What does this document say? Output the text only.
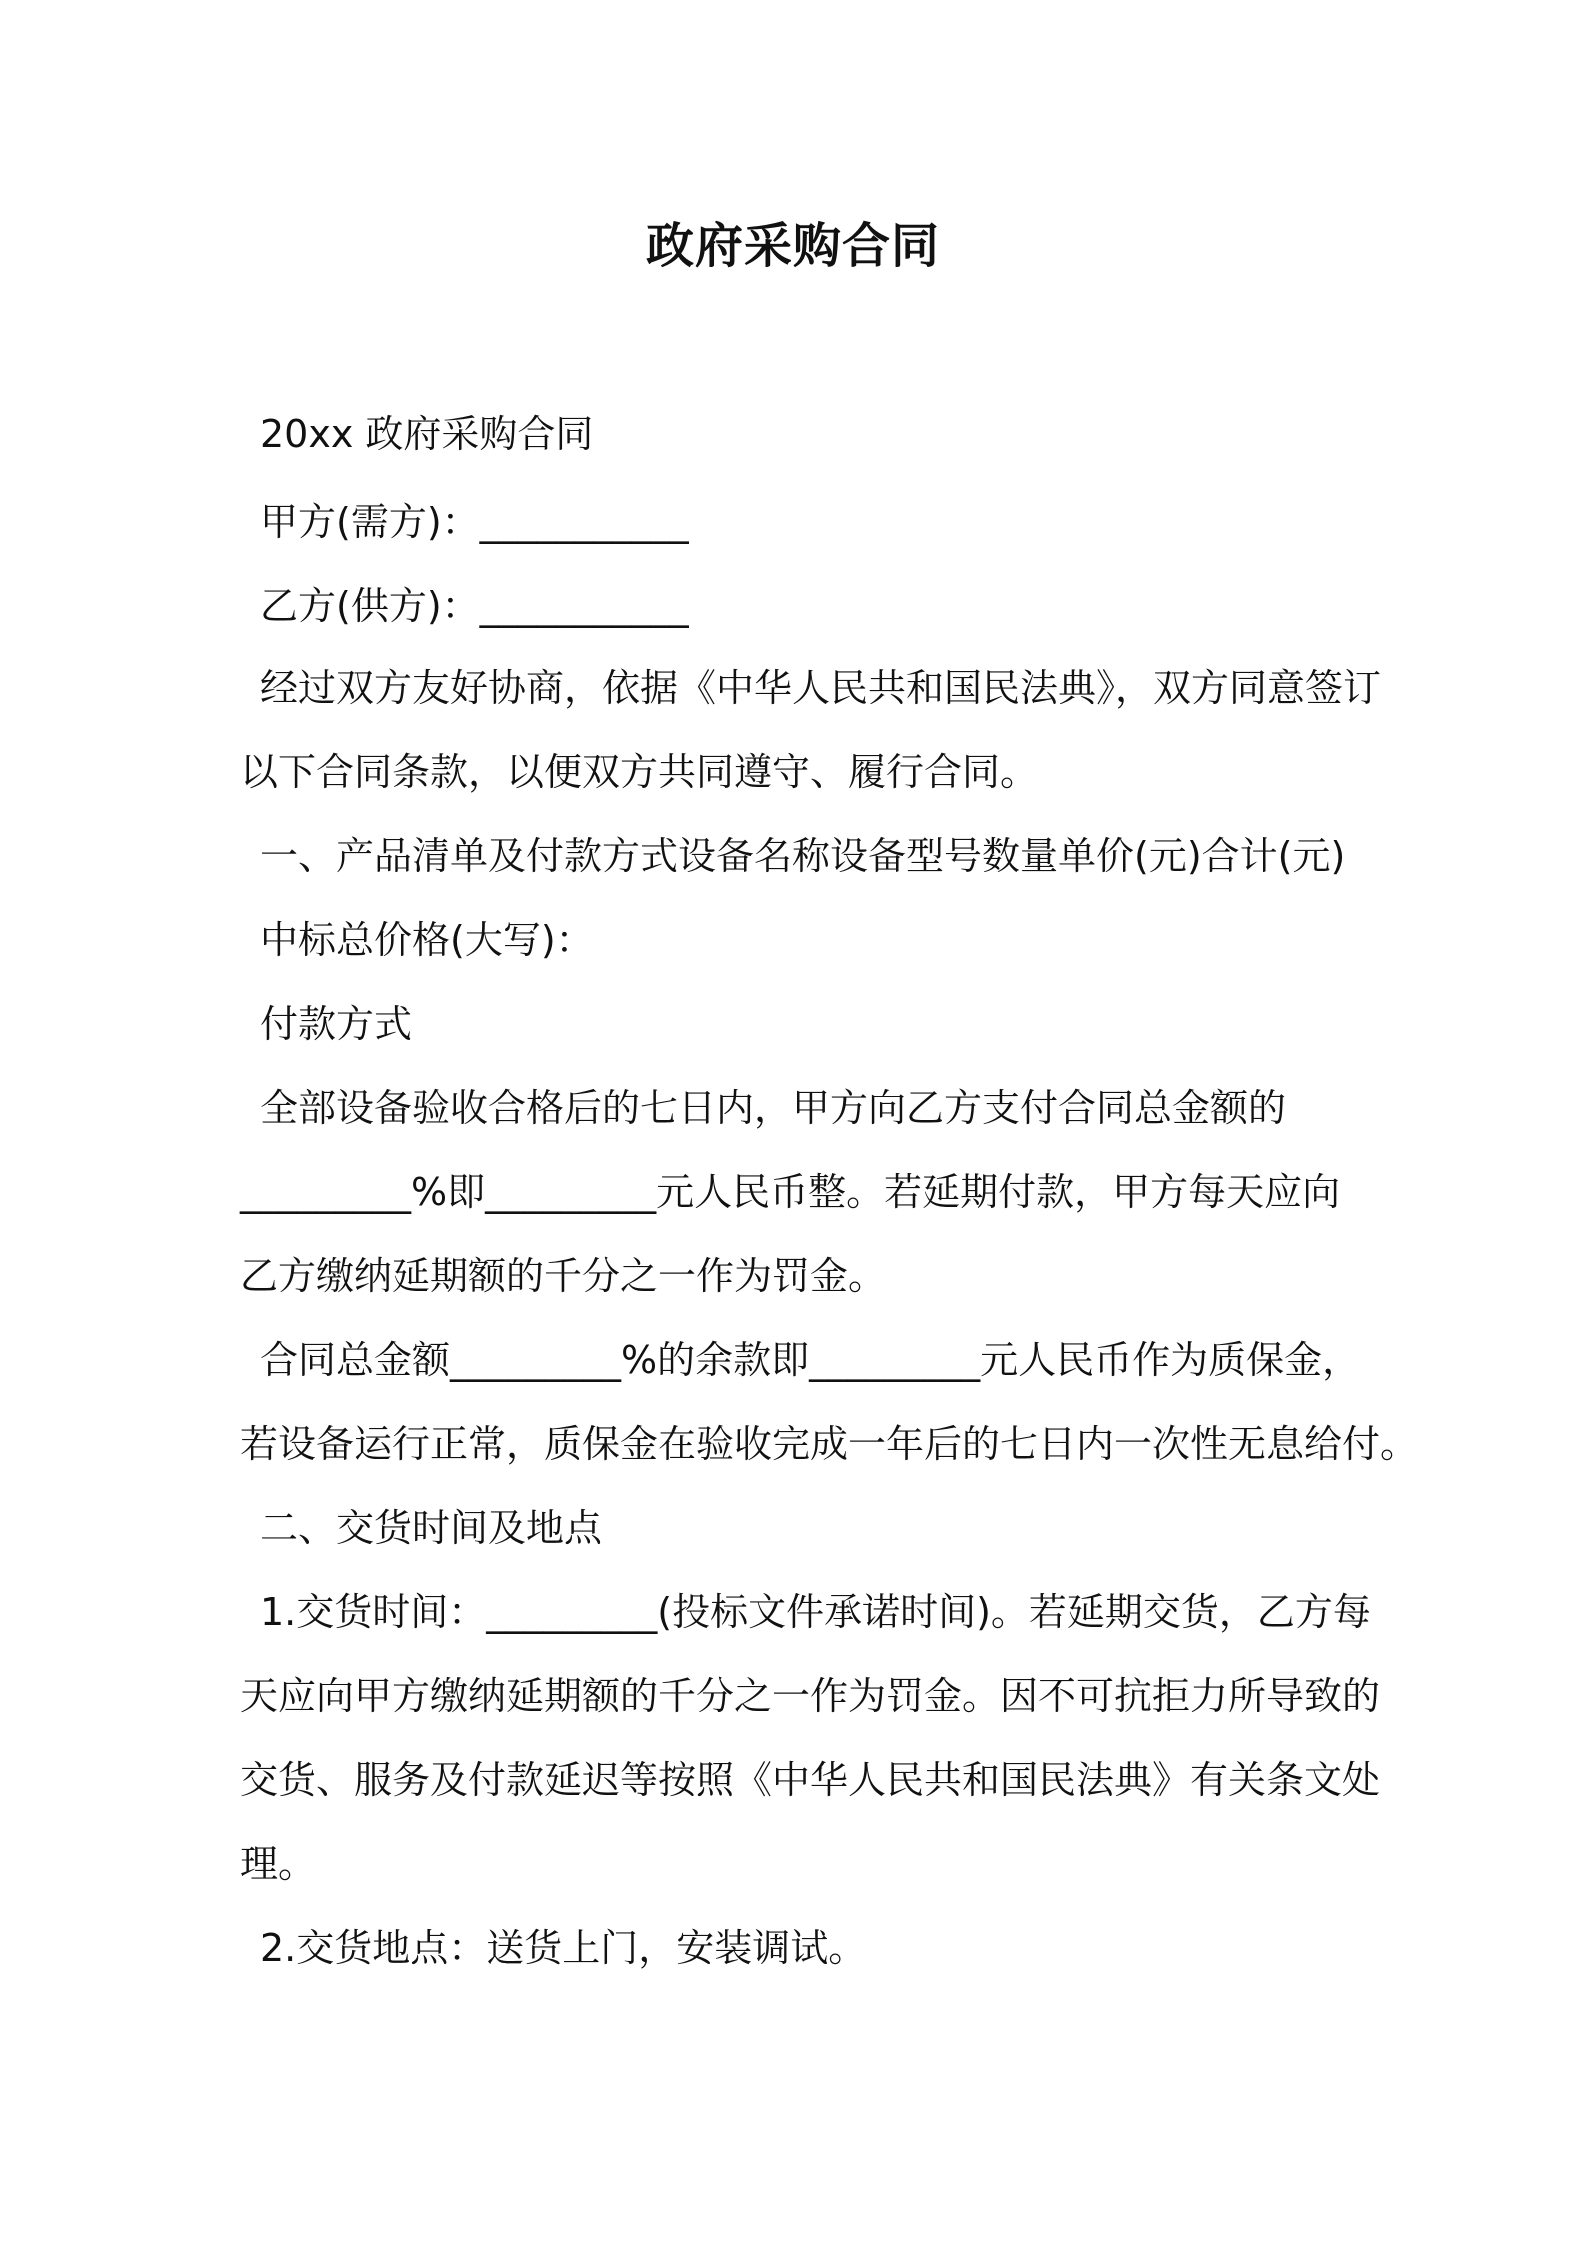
政府采购合同
20xx 政府采购合同
甲方(需方)：___________
乙方(供方)：___________
经过双方友好协商，依据《中华人民共和国民法典》，双方同意签订
以下合同条款，以便双方共同遵守、履行合同。
一、产品清单及付款方式设备名称设备型号数量单价(元)合计(元)
中标总价格(大写)：
付款方式
全部设备验收合格后的七日内，甲方向乙方支付合同总金额的
_________%即_________元人民币整。若延期付款，甲方每天应向
乙方缴纳延期额的千分之一作为罚金。
合同总金额_________%的余款即_________元人民币作为质保金，
若设备运行正常，质保金在验收完成一年后的七日内一次性无息给付。
二、交货时间及地点
1.交货时间：_________(投标文件承诺时间)。若延期交货，乙方每
天应向甲方缴纳延期额的千分之一作为罚金。因不可抗拒力所导致的
交货、服务及付款延迟等按照《中华人民共和国民法典》有关条文处
理。
2.交货地点：送货上门，安装调试。
